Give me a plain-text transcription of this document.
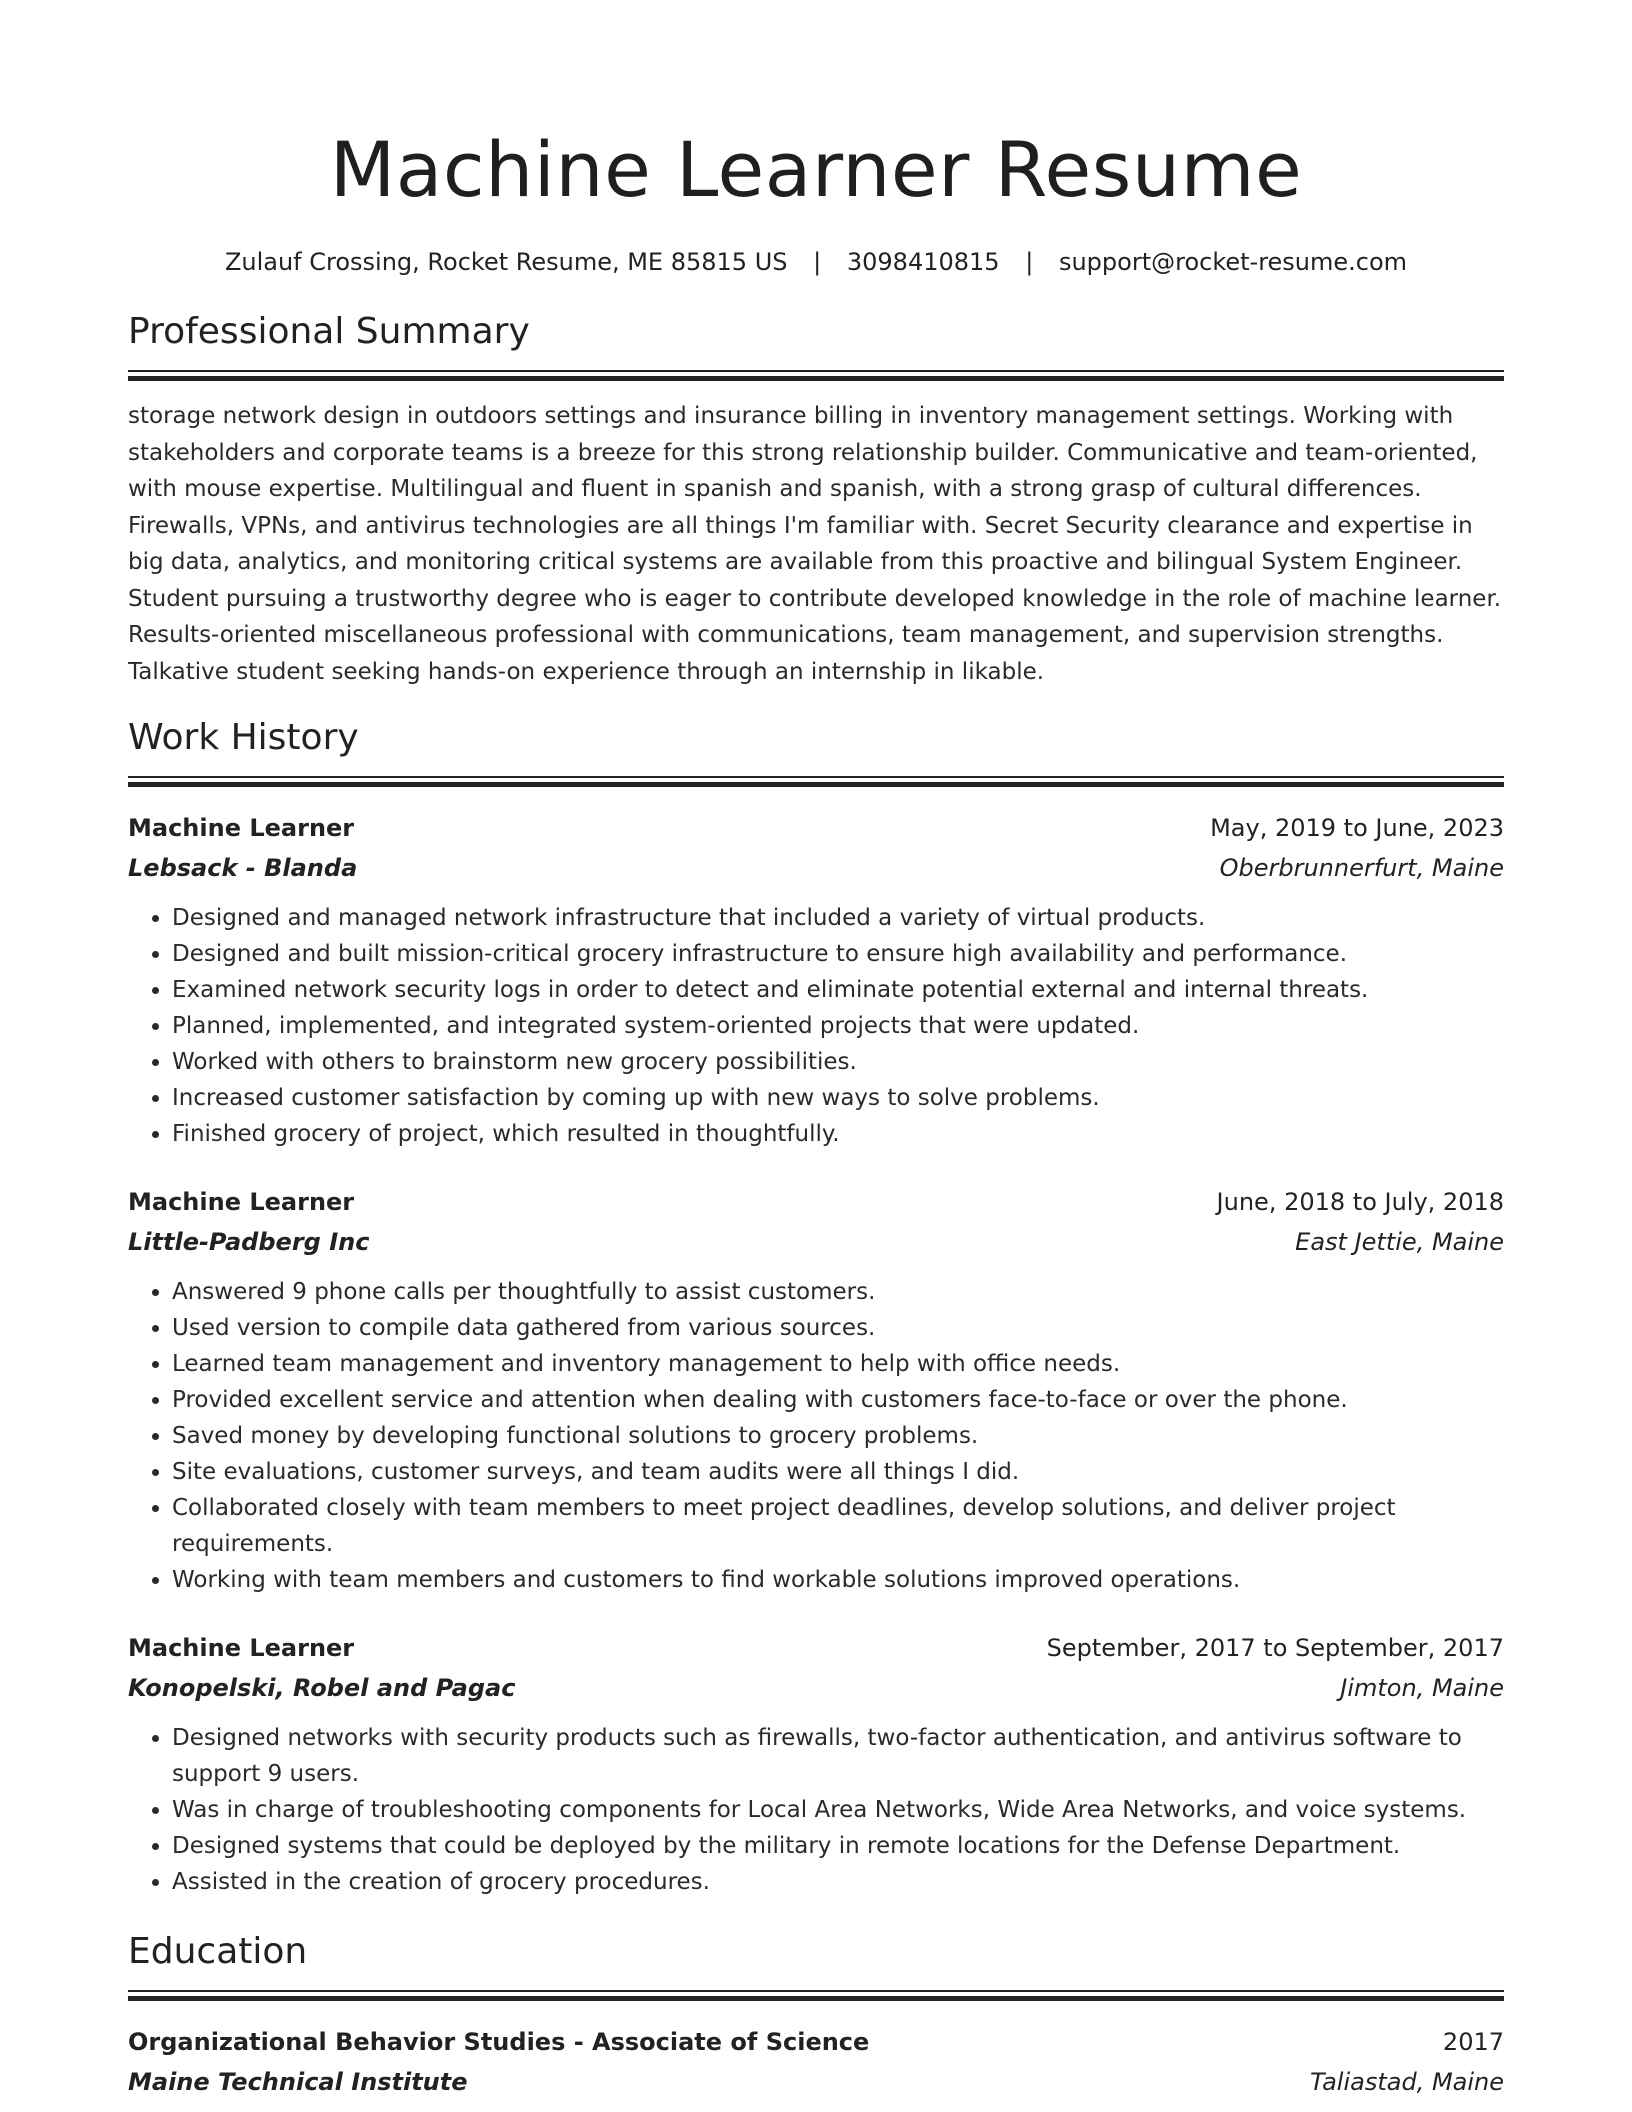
Machine Learner Resume
Zulauf Crossing, Rocket Resume, ME 85815 US | 3098410815 | support@rocket-resume.com
Professional Summary

storage network design in outdoors settings and insurance billing in inventory management settings. Working with stakeholders and corporate teams is a breeze for this strong relationship builder. Communicative and team-oriented, with mouse expertise. Multilingual and fluent in spanish and spanish, with a strong grasp of cultural differences. Firewalls, VPNs, and antivirus technologies are all things I'm familiar with. Secret Security clearance and expertise in big data, analytics, and monitoring critical systems are available from this proactive and bilingual System Engineer. Student pursuing a trustworthy degree who is eager to contribute developed knowledge in the role of machine learner. Results-oriented miscellaneous professional with communications, team management, and supervision strengths. Talkative student seeking hands-on experience through an internship in likable.

Work History
Machine Learner	May, 2019 to June, 2023
Lebsack - Blanda	Oberbrunnerfurt, Maine
• Designed and managed network infrastructure that included a variety of virtual products.
• Designed and built mission-critical grocery infrastructure to ensure high availability and performance.
• Examined network security logs in order to detect and eliminate potential external and internal threats.
• Planned, implemented, and integrated system-oriented projects that were updated.
• Worked with others to brainstorm new grocery possibilities.
• Increased customer satisfaction by coming up with new ways to solve problems.
• Finished grocery of project, which resulted in thoughtfully.
Machine Learner	June, 2018 to July, 2018
Little-Padberg Inc	East Jettie, Maine
• Answered 9 phone calls per thoughtfully to assist customers.
• Used version to compile data gathered from various sources.
• Learned team management and inventory management to help with office needs.
• Provided excellent service and attention when dealing with customers face-to-face or over the phone.
• Saved money by developing functional solutions to grocery problems.
• Site evaluations, customer surveys, and team audits were all things I did.
• Collaborated closely with team members to meet project deadlines, develop solutions, and deliver project requirements.
• Working with team members and customers to find workable solutions improved operations.
Machine Learner	September, 2017 to September, 2017
Konopelski, Robel and Pagac	Jimton, Maine
• Designed networks with security products such as firewalls, two-factor authentication, and antivirus software to support 9 users.
• Was in charge of troubleshooting components for Local Area Networks, Wide Area Networks, and voice systems.
• Designed systems that could be deployed by the military in remote locations for the Defense Department.
• Assisted in the creation of grocery procedures.
Education
Organizational Behavior Studies - Associate of Science	2017
Maine Technical Institute	Taliastad, Maine
